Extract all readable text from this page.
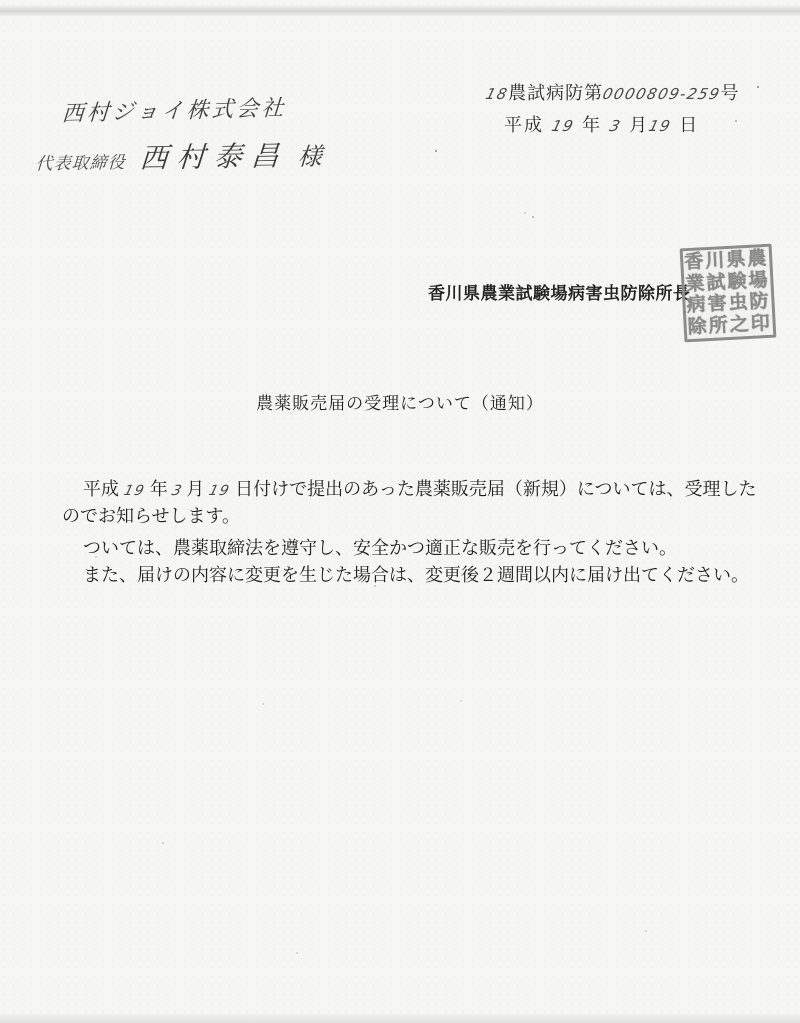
18農試病防第0000809-259号
平成 19 年 3 月19 日
西村ジョイ株式会社
代表取締役 西村泰昌 様
香川県農業試験場病害虫防除所長
香川県農
業試験場
病害虫防
除所之印
農薬販売届の受理について（通知）
平成 19 年 3 月 19 日付けで提出のあった農薬販売届（新規）については、受理した
のでお知らせします。
ついては、農薬取締法を遵守し、安全かつ適正な販売を行ってください。
また、届けの内容に変更を生じた場合は、変更後２週間以内に届け出てください。
